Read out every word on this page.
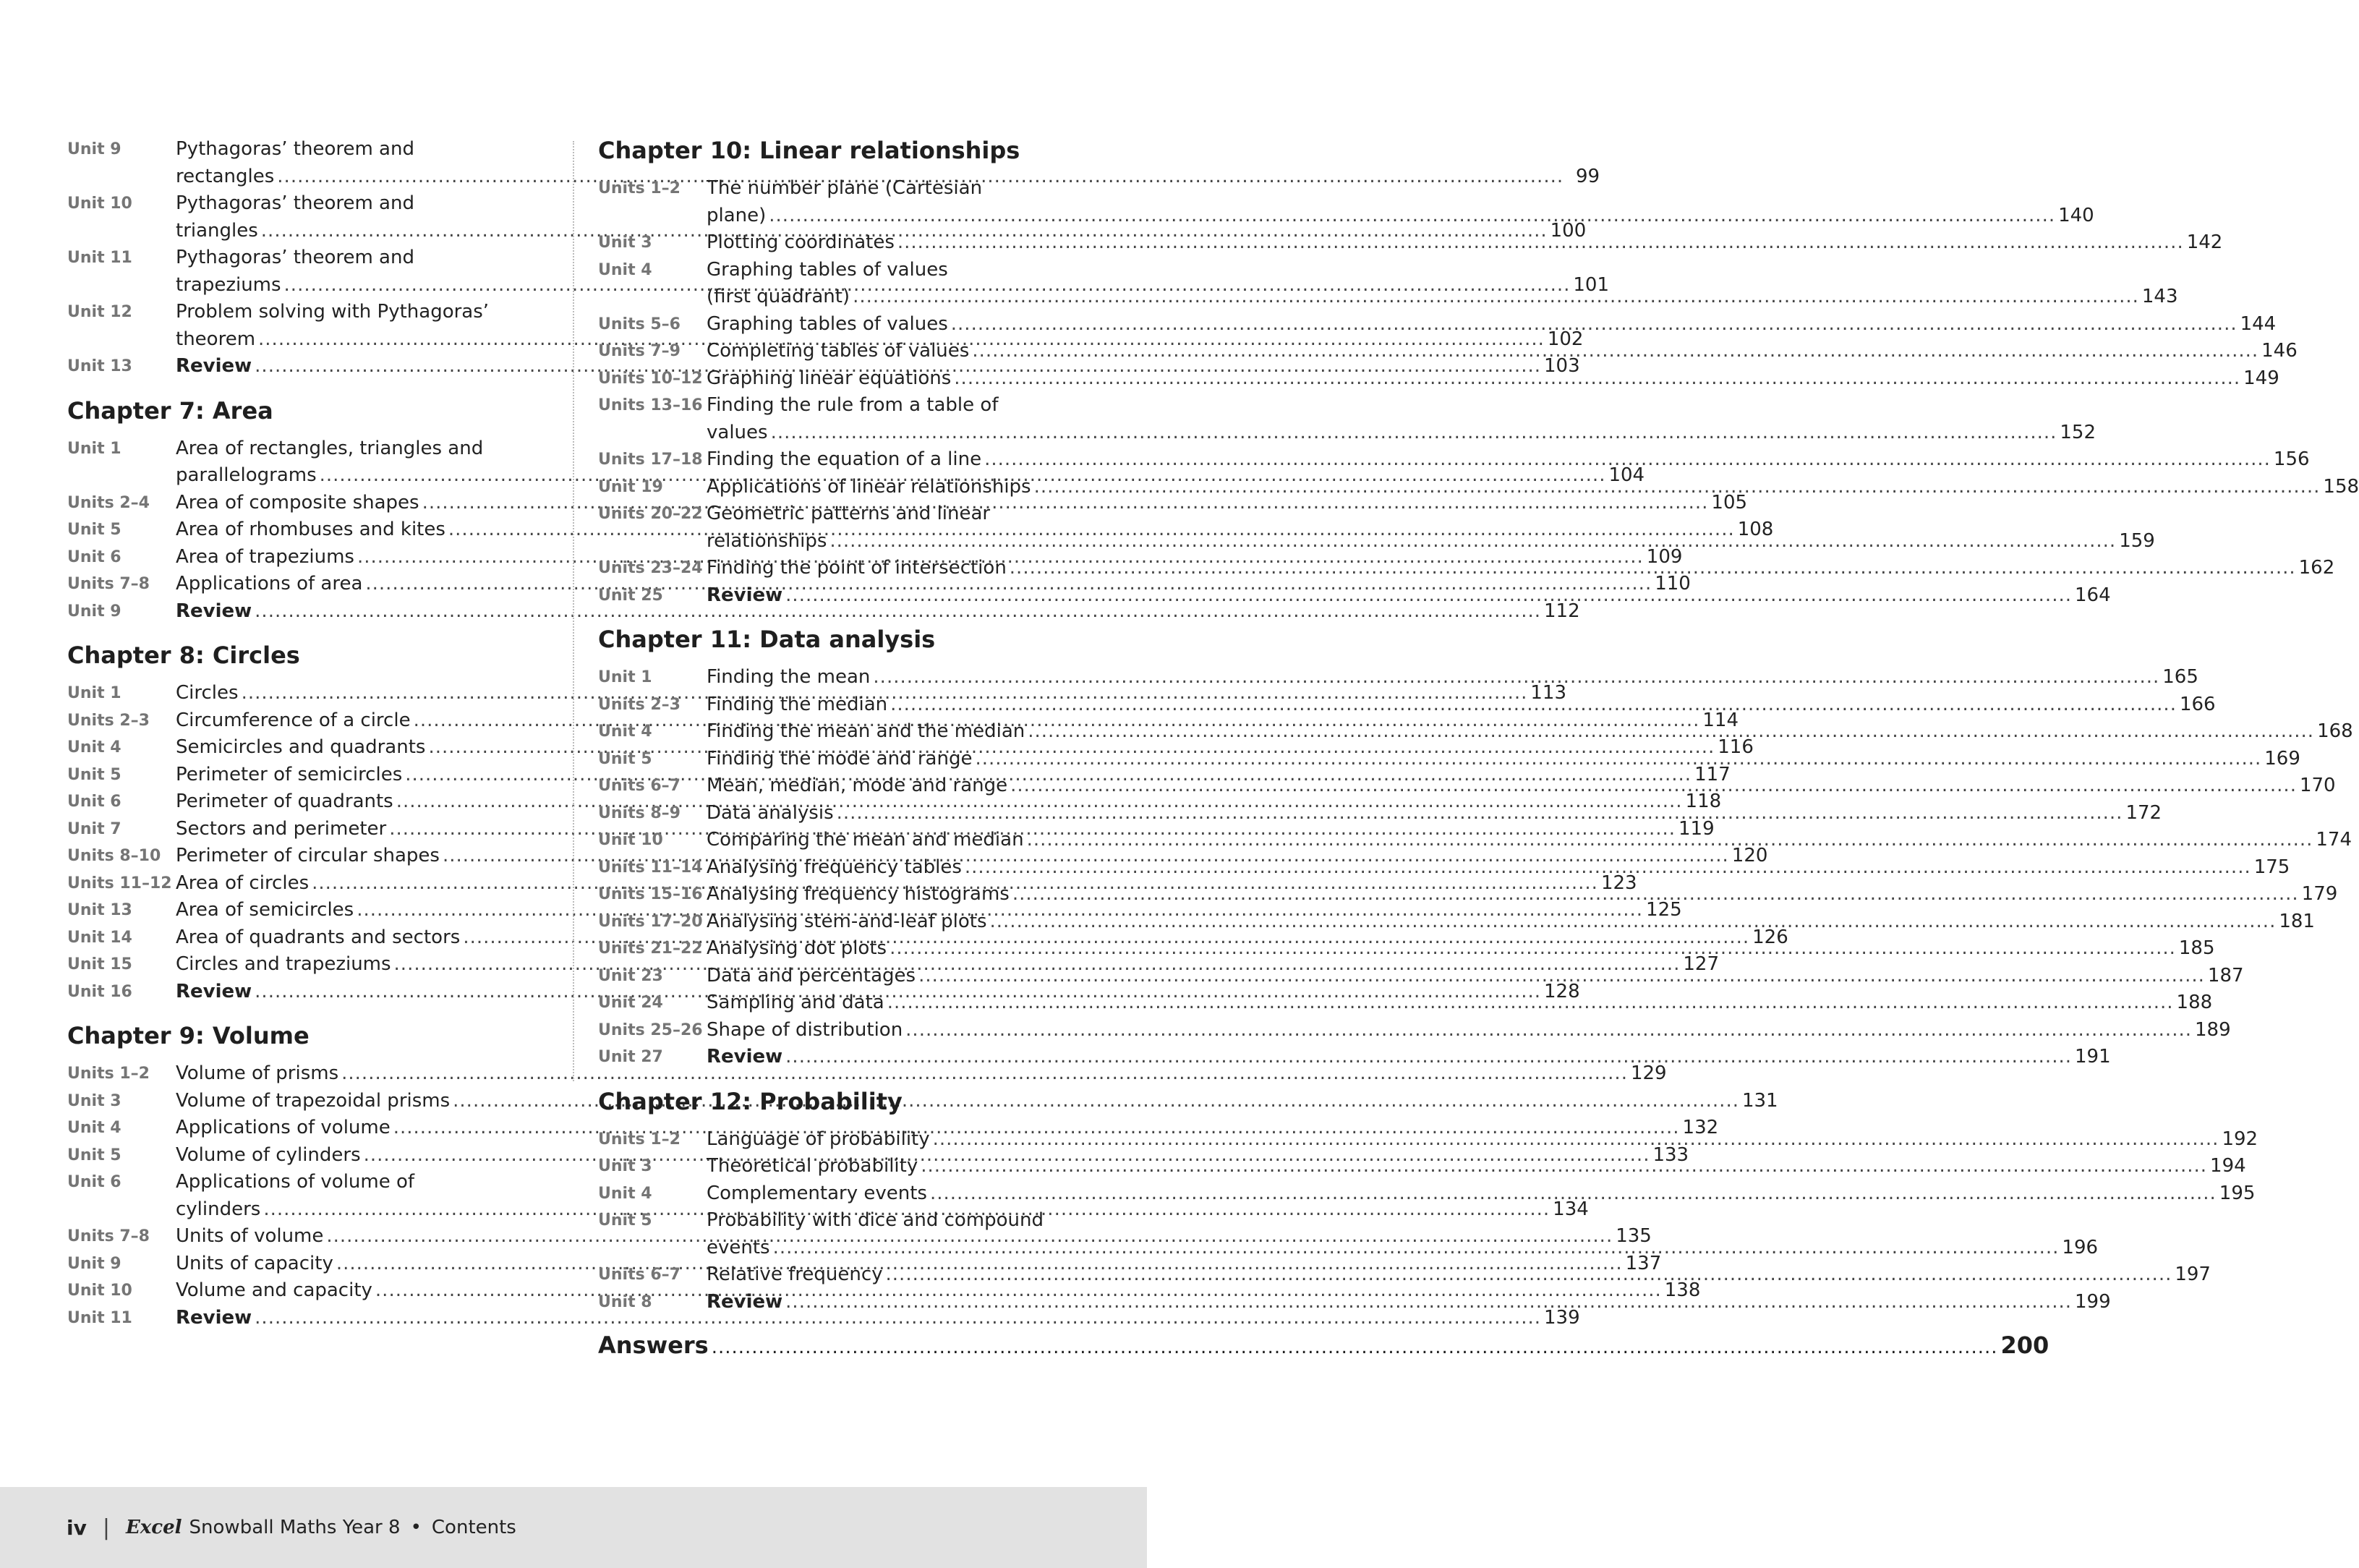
Unit 9	Pythagoras’ theorem and
rectangles .....	99
Unit 10	Pythagoras’ theorem and
triangles .....	100
Unit 11	Pythagoras’ theorem and
trapeziums .....	101
Unit 12	Problem solving with Pythagoras’
theorem .....	102
Unit 13	Review .....	103
Chapter 7: Area
Unit 1	Area of rectangles, triangles and
parallelograms .....	104
Units 2–4	Area of composite shapes .....	105
Unit 5	Area of rhombuses and kites .....	108
Unit 6	Area of trapeziums .....	109
Units 7–8	Applications of area .....	110
Unit 9	Review .....	112
Chapter 8: Circles
Unit 1	Circles .....	113
Units 2–3	Circumference of a circle .....	114
Unit 4	Semicircles and quadrants .....	116
Unit 5	Perimeter of semicircles .....	117
Unit 6	Perimeter of quadrants .....	118
Unit 7	Sectors and perimeter .....	119
Units 8–10 Perimeter of circular shapes .....	120
Units 11–12 Area of circles .....	123
Unit 13	Area of semicircles .....	125
Unit 14	Area of quadrants and sectors .....	126
Unit 15	Circles and trapeziums .....	127
Unit 16	Review .....	128
Chapter 9: Volume
Units 1–2	Volume of prisms .....	129
Unit 3	Volume of trapezoidal prisms .....	131
Unit 4	Applications of volume .....	132
Unit 5	Volume of cylinders .....	133
Unit 6	Applications of volume of
cylinders .....	134
Units 7–8	Units of volume .....	135
Unit 9	Units of capacity .....	137
Unit 10	Volume and capacity .....	138
Unit 11	Review .....	139
Chapter 10: Linear relationships
Units 1–2	The number plane (Cartesian
plane) .....	140
Unit 3	Plotting coordinates .....	142
Unit 4	Graphing tables of values
(first quadrant) .....	143
Units 5–6	Graphing tables of values .....	144
Units 7–9	Completing tables of values .....	146
Units 10–12 Graphing linear equations .....	149
Units 13–16 Finding the rule from a table of
values .....	152
Units 17–18 Finding the equation of a line .....	156
Unit 19	Applications of linear relationships .....	158
Units 20–22 Geometric patterns and linear
relationships .....	159
Units 23–24 Finding the point of intersection .....	162
Unit 25	Review .....	164
Chapter 11: Data analysis
Unit 1	Finding the mean .....	165
Units 2–3	Finding the median .....	166
Unit 4	Finding the mean and the median .....	168
Unit 5	Finding the mode and range .....	169
Units 6–7	Mean, median, mode and range .....	170
Units 8–9	Data analysis .....	172
Unit 10	Comparing the mean and median .....	174
Units 11–14 Analysing frequency tables .....	175
Units 15–16 Analysing frequency histograms .....	179
Units 17–20 Analysing stem-and-leaf plots .....	181
Units 21–22 Analysing dot plots .....	185
Unit 23	Data and percentages .....	187
Unit 24	Sampling and data .....	188
Units 25–26 Shape of distribution .....	189
Unit 27	Review .....	191
Chapter 12: Probability
Units 1–2	Language of probability .....	192
Unit 3	Theoretical probability .....	194
Unit 4	Complementary events .....	195
Unit 5	Probability with dice and compound
events .....	196
Units 6–7	Relative frequency .....	197
Unit 8	Review .....	199
Answers .....	200
iv | Excel Snowball Maths Year 8 • Contents
